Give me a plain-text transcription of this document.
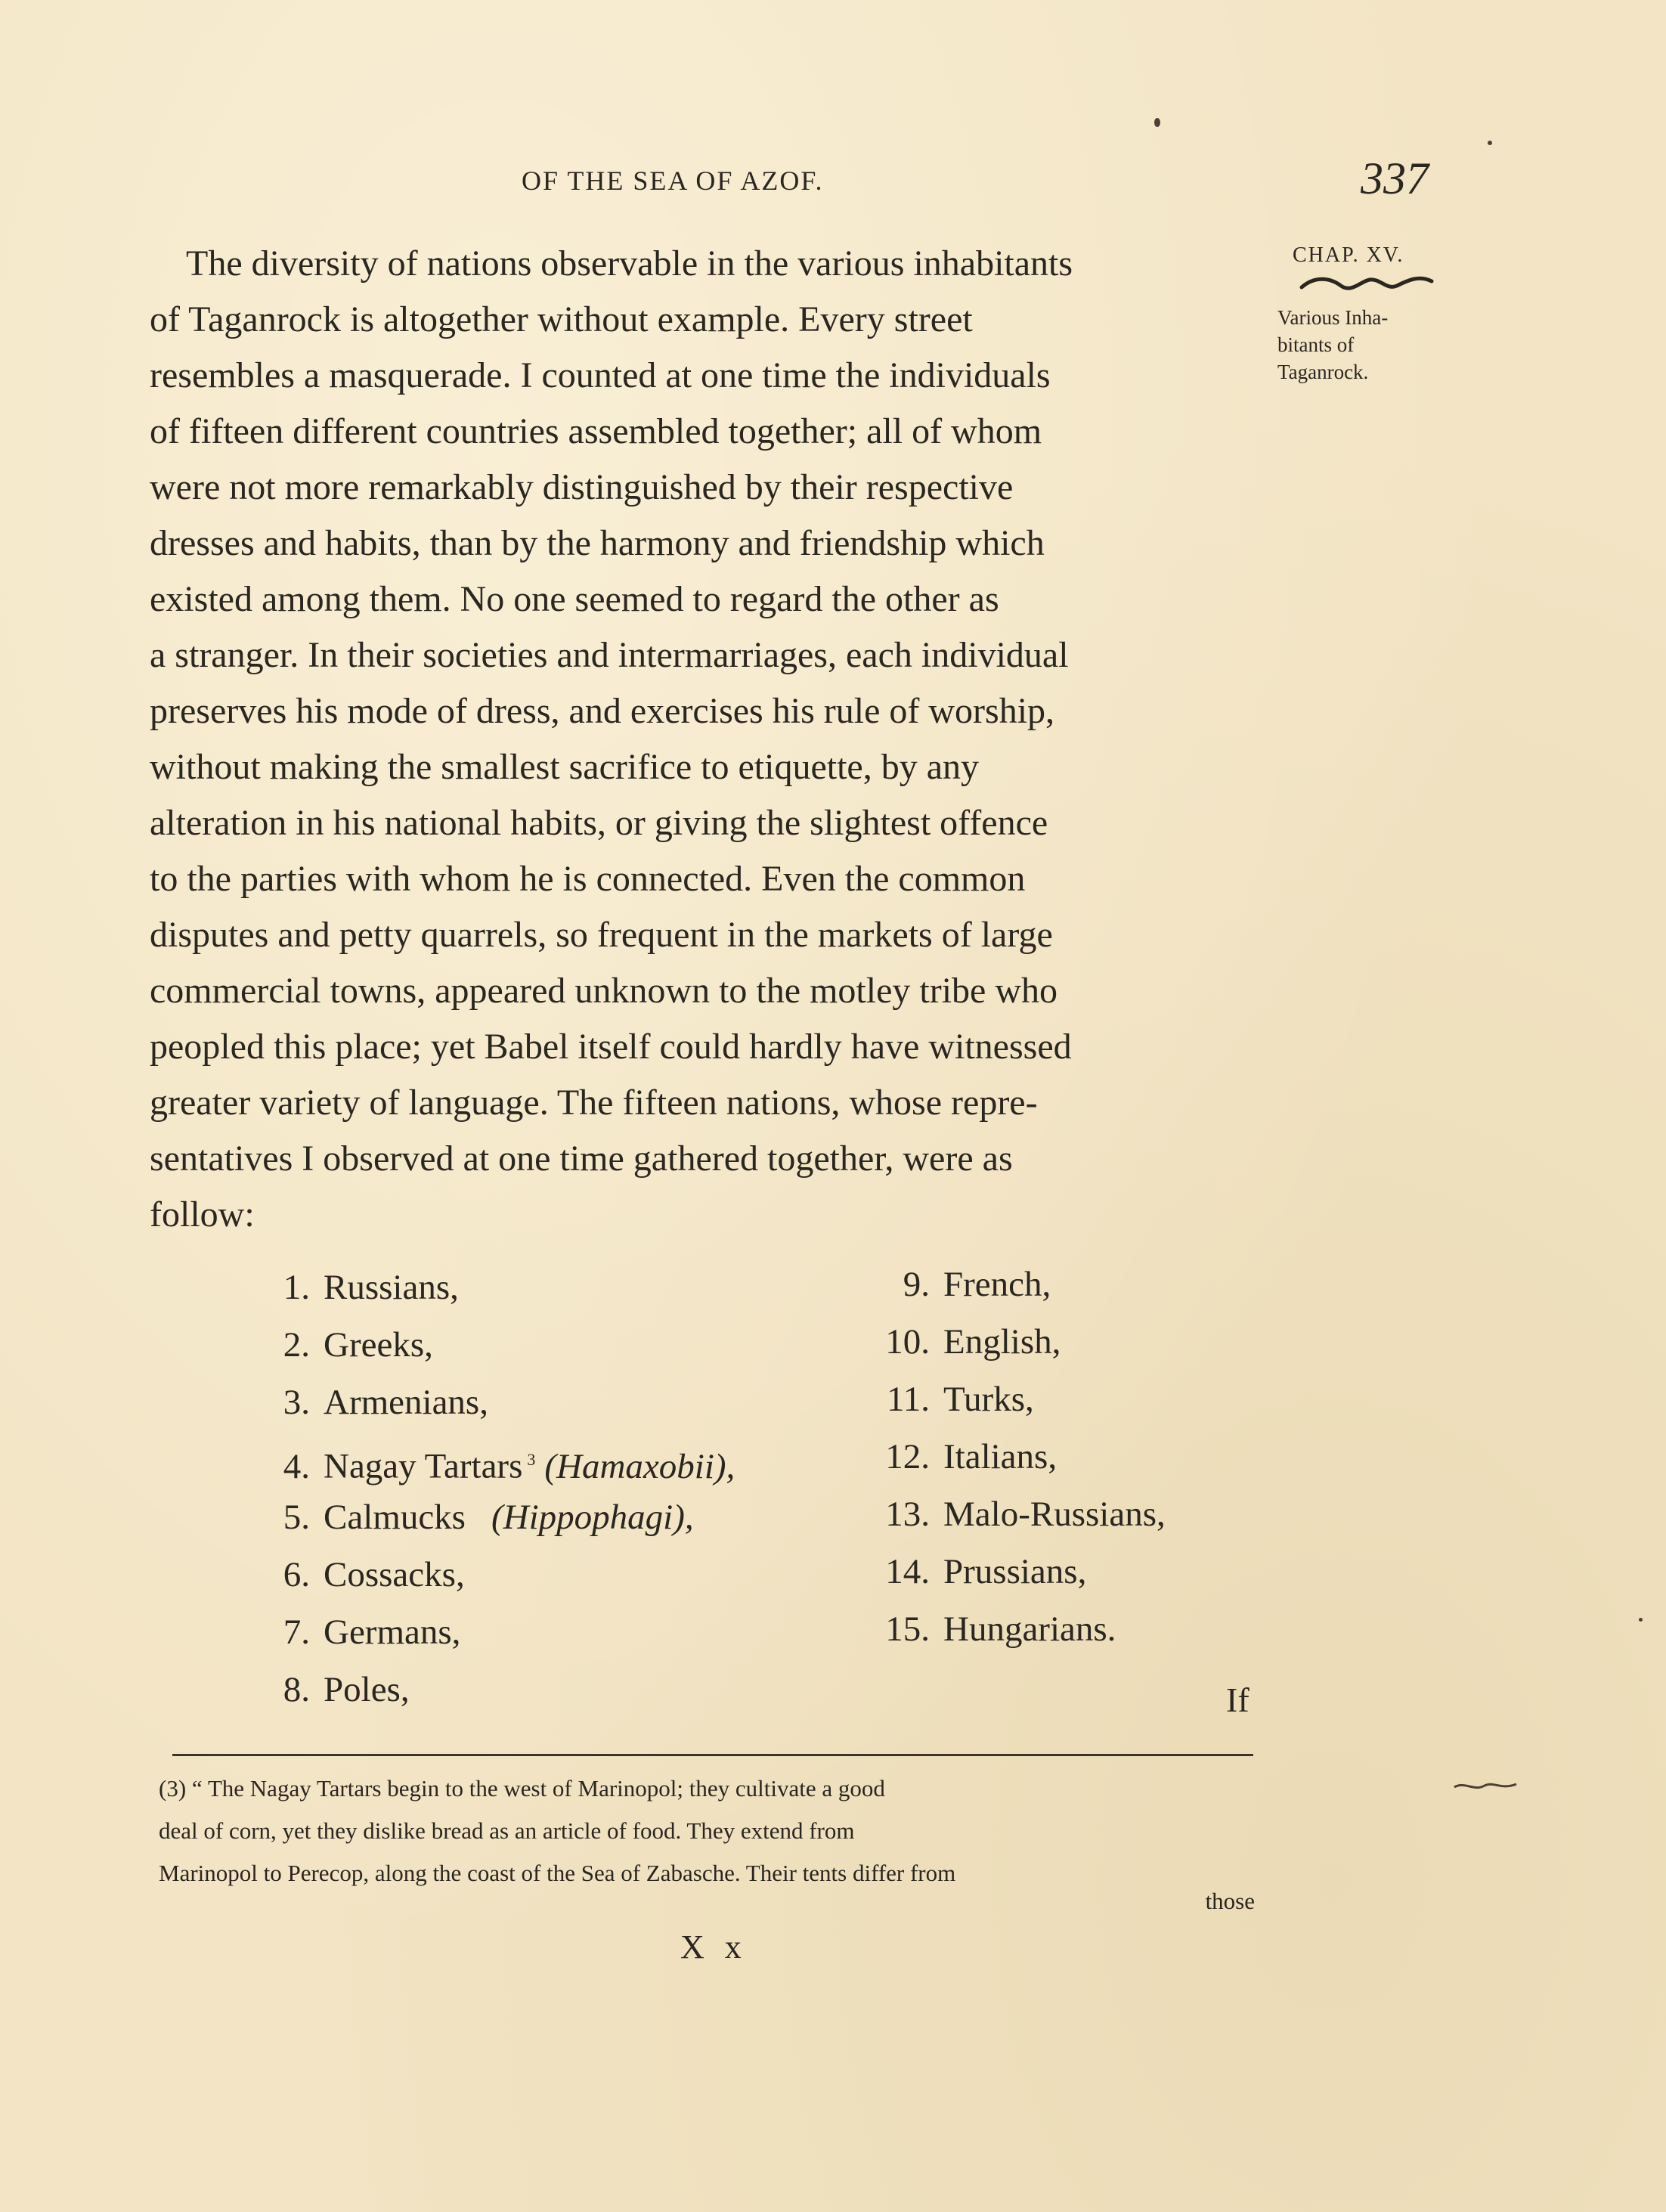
OF THE SEA OF AZOF.	337
The diversity of nations observable in the various inhabitants
of Taganrock is altogether without example. Every street
resembles a masquerade. I counted at one time the individuals
of fifteen different countries assembled together; all of whom
were not more remarkably distinguished by their respective
dresses and habits, than by the harmony and friendship which
existed among them. No one seemed to regard the other as
a stranger. In their societies and intermarriages, each individual
preserves his mode of dress, and exercises his rule of worship,
without making the smallest sacrifice to etiquette, by any
alteration in his national habits, or giving the slightest offence
to the parties with whom he is connected. Even the common
disputes and petty quarrels, so frequent in the markets of large
commercial towns, appeared unknown to the motley tribe who
peopled this place; yet Babel itself could hardly have witnessed
greater variety of language. The fifteen nations, whose repre-
sentatives I observed at one time gathered together, were as
follow:
CHAP. XV.
Various Inha-
bitants of
Taganrock.
1. Russians,
2. Greeks,
3. Armenians,
4. Nagay Tartars $^3$ (Hamaxobii),
5. Calmucks (Hippophagi),
6. Cossacks,
7. Germans,
8. Poles,
9. French,
10. English,
11. Turks,
12. Italians,
13. Malo-Russians,
14. Prussians,
15. Hungarians.
If
(3) “ The Nagay Tartars begin to the west of Marinopol; they cultivate a good
deal of corn, yet they dislike bread as an article of food. They extend from
Marinopol to Perecop, along the coast of the Sea of Zabasche. Their tents differ from
those
X x
